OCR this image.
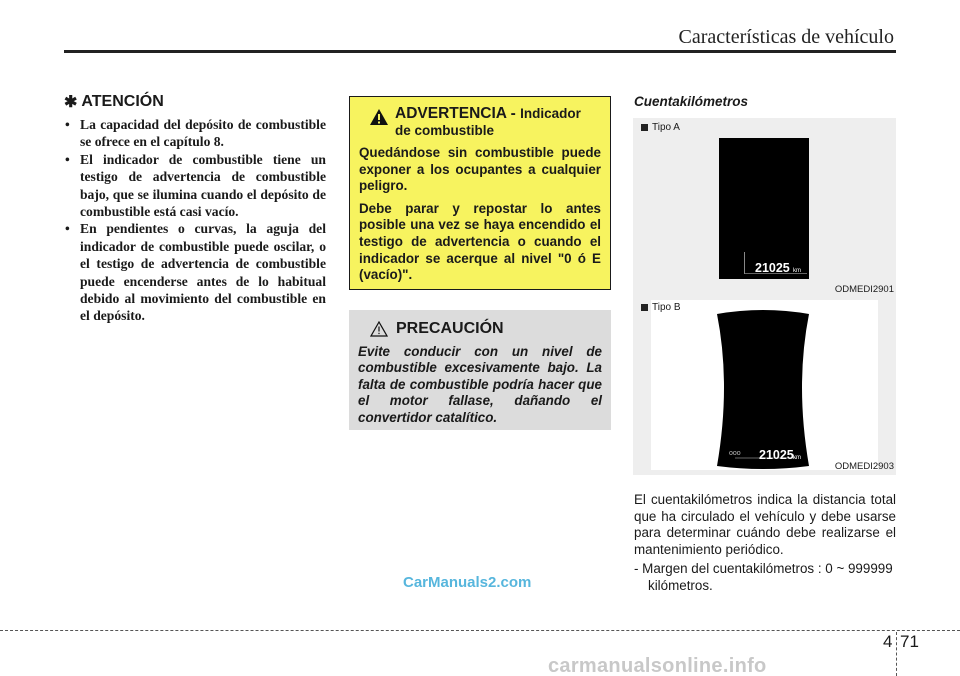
Características de vehículo
✱ ATENCIÓN
• La capacidad del depósito de combustible se ofrece en el capítulo 8.
• El indicador de combustible tiene un testigo de advertencia de combustible bajo, que se ilumina cuando el depósito de combustible está casi vacío.
• En pendientes o curvas, la aguja del indicador de combustible puede oscilar, o el testigo de advertencia de combustible puede encenderse antes de lo habitual debido al movimiento del combustible en el depósito.
ADVERTENCIA - Indicador
de combustible

Quedándose sin combustible puede exponer a los ocupantes a cualquier peligro.

Debe parar y repostar lo antes posible una vez se haya encendido el testigo de advertencia o cuando el indicador se acerque al nivel "0 ó E (vacío)".

PRECAUCIÓN

Evite conducir con un nivel de combustible excesivamente bajo. La falta de combustible podría hacer que el motor fallase, dañando el convertidor catalítico.

CarManuals2.com
Cuentakilómetros
Tipo A
21025 km
ODMEDI2901
ooo 21025 km
Tipo B
ODMEDI2903

El cuentakilómetros indica la distancia total que ha circulado el vehículo y debe usarse para determinar cuándo debe realizarse el mantenimiento periódico.

- Margen del cuentakilómetros : 0 ~ 999999 kilómetros.

4 71
carmanualsonline.info
